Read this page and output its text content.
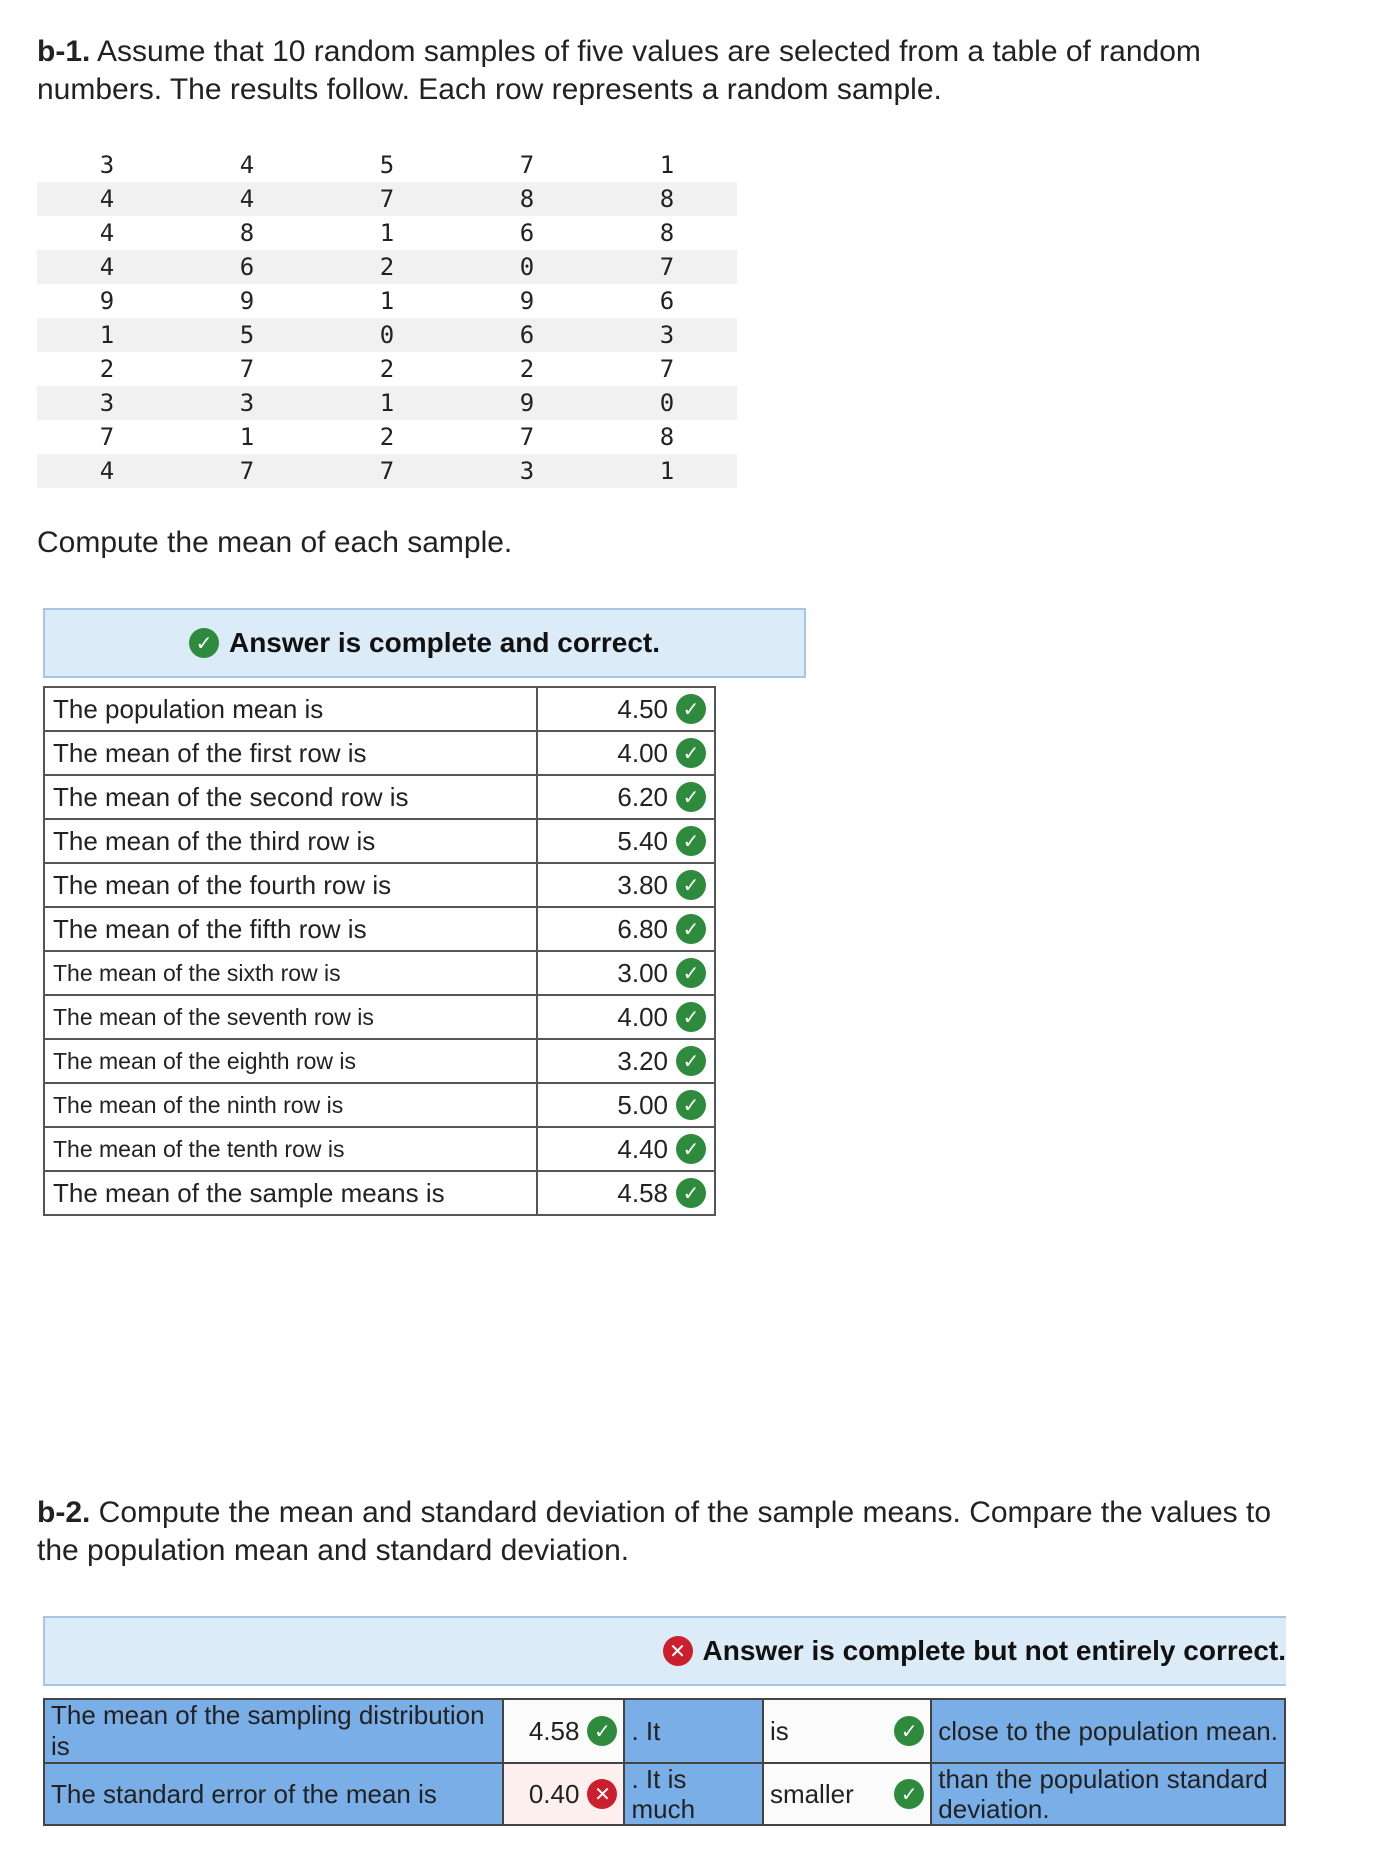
b-1. Assume that 10 random samples of five values are selected from a table of random numbers. The results follow. Each row represents a random sample.
3	4	5	7	1
4	4	7	8	8
4	8	1	6	8
4	6	2	0	7
9	9	1	9	6
1	5	0	6	3
2	7	2	2	7
3	3	1	9	0
7	1	2	7	8
4	7	7	3	1
Compute the mean of each sample.
✓ Answer is complete and correct.
The population mean is	4.50 ✓

The mean of the first row is	4.00 ✓

The mean of the second row is	6.20 ✓

The mean of the third row is	5.40 ✓

The mean of the fourth row is	3.80 ✓

The mean of the fifth row is	6.80 ✓

The mean of the sixth row is	3.00 ✓

The mean of the seventh row is	4.00 ✓

The mean of the eighth row is	3.20 ✓

The mean of the ninth row is	5.00 ✓

The mean of the tenth row is	4.40 ✓

The mean of the sample means is	4.58 ✓
b-2. Compute the mean and standard deviation of the sample means. Compare the values to the population mean and standard deviation.
✕ Answer is complete but not entirely correct.
The mean of the sampling distribution is	4.58 ✓	. It	is ✓	close to the population mean.
The standard error of the mean is	0.40 ✕	. It is much	smaller ✓	than the population standard deviation.
